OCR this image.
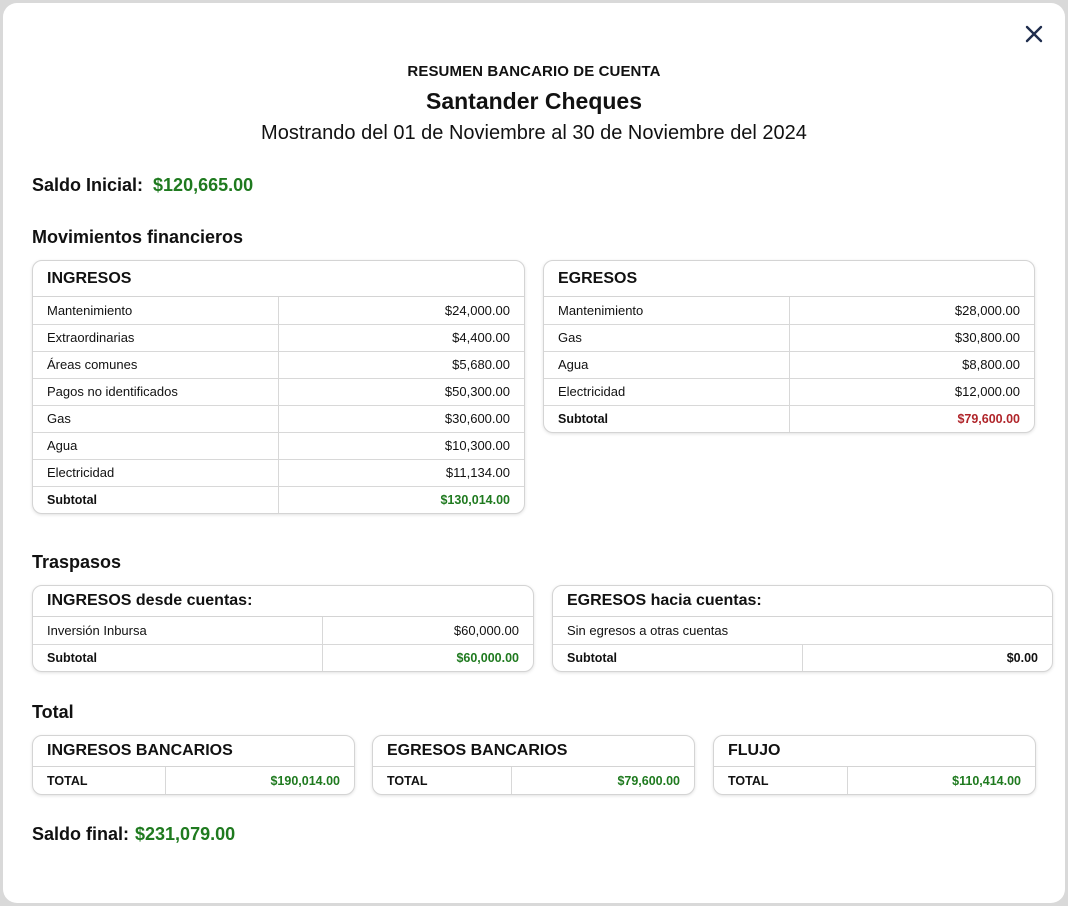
RESUMEN BANCARIO DE CUENTA
Santander Cheques
Mostrando del 01 de Noviembre al 30 de Noviembre del 2024
Saldo Inicial: $120,665.00
Movimientos financieros
INGRESOS
Mantenimiento	$24,000.00
Extraordinarias	$4,400.00
Áreas comunes	$5,680.00
Pagos no identificados	$50,300.00
Gas	$30,600.00
Agua	$10,300.00
Electricidad	$11,134.00
Subtotal	$130,014.00
EGRESOS
Mantenimiento	$28,000.00
Gas	$30,800.00
Agua	$8,800.00
Electricidad	$12,000.00
Subtotal	$79,600.00
Traspasos
INGRESOS desde cuentas:
Inversión Inbursa	$60,000.00
Subtotal	$60,000.00
EGRESOS hacia cuentas:
Sin egresos a otras cuentas
Subtotal	$0.00
Total
INGRESOS BANCARIOS
TOTAL	$190,014.00
EGRESOS BANCARIOS
TOTAL	$79,600.00
FLUJO
TOTAL	$110,414.00
Saldo final: $231,079.00
